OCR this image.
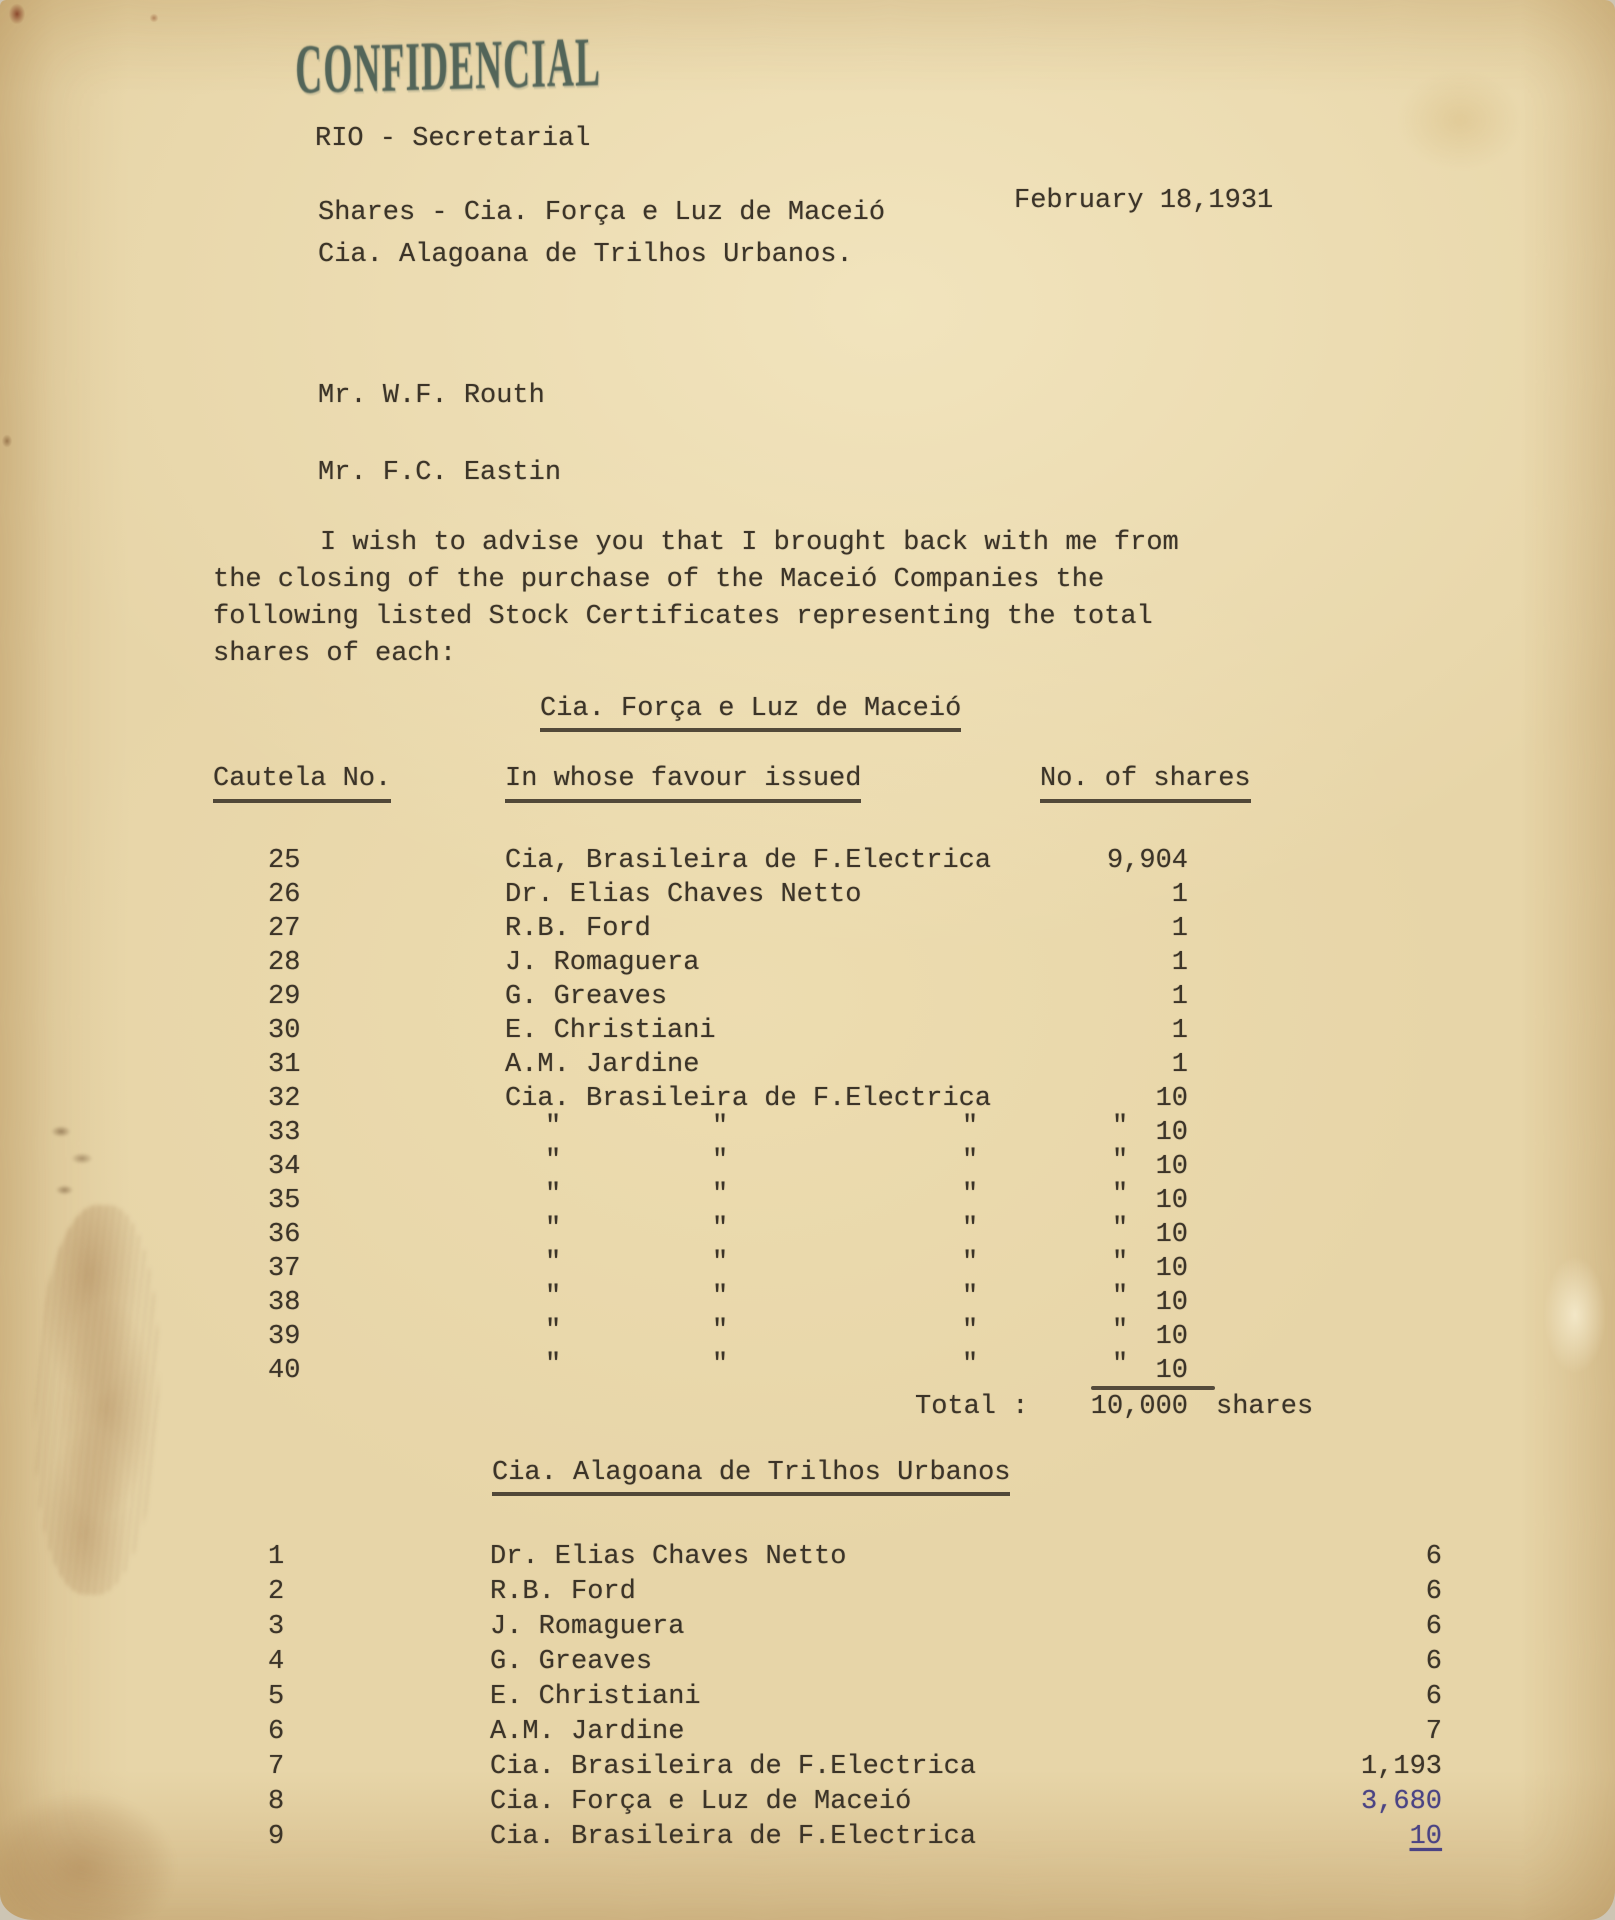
CONFIDENCIAL
RIO - Secretarial
Shares - Cia. Força e Luz de Maceió
Cia. Alagoana de Trilhos Urbanos.
February 18,1931
Mr. W.F. Routh
Mr. F.C. Eastin
I wish to advise you that I brought back with me from
the closing of the purchase of the Maceió Companies the
following listed Stock Certificates representing the total
shares of each:
Cia. Força e Luz de Maceió
Cautela No.	In whose favour issued	No. of shares
25	Cia, Brasileira de F.Electrica	9,904
26	Dr. Elias Chaves Netto	1
27	R.B. Ford	1
28	J. Romaguera	1
29	G. Greaves	1
30	E. Christiani	1
31	A.M. Jardine	1
32	Cia. Brasileira de F.Electrica	10
33	"	"	"	"	10
34	"	"	"	"	10
35	"	"	"	"	10
36	"	"	"	"	10
37	"	"	"	"	10
38	"	"	"	"	10
39	"	"	"	"	10
40	"	"	"	"	10
Total :	10,000 shares
Cia. Alagoana de Trilhos Urbanos
1	Dr. Elias Chaves Netto	6
2	R.B. Ford	6
3	J. Romaguera	6
4	G. Greaves	6
5	E. Christiani	6
6	A.M. Jardine	7
7	Cia. Brasileira de F.Electrica	1,193
8	Cia. Força e Luz de Maceió	3,680
9	Cia. Brasileira de F.Electrica	10
